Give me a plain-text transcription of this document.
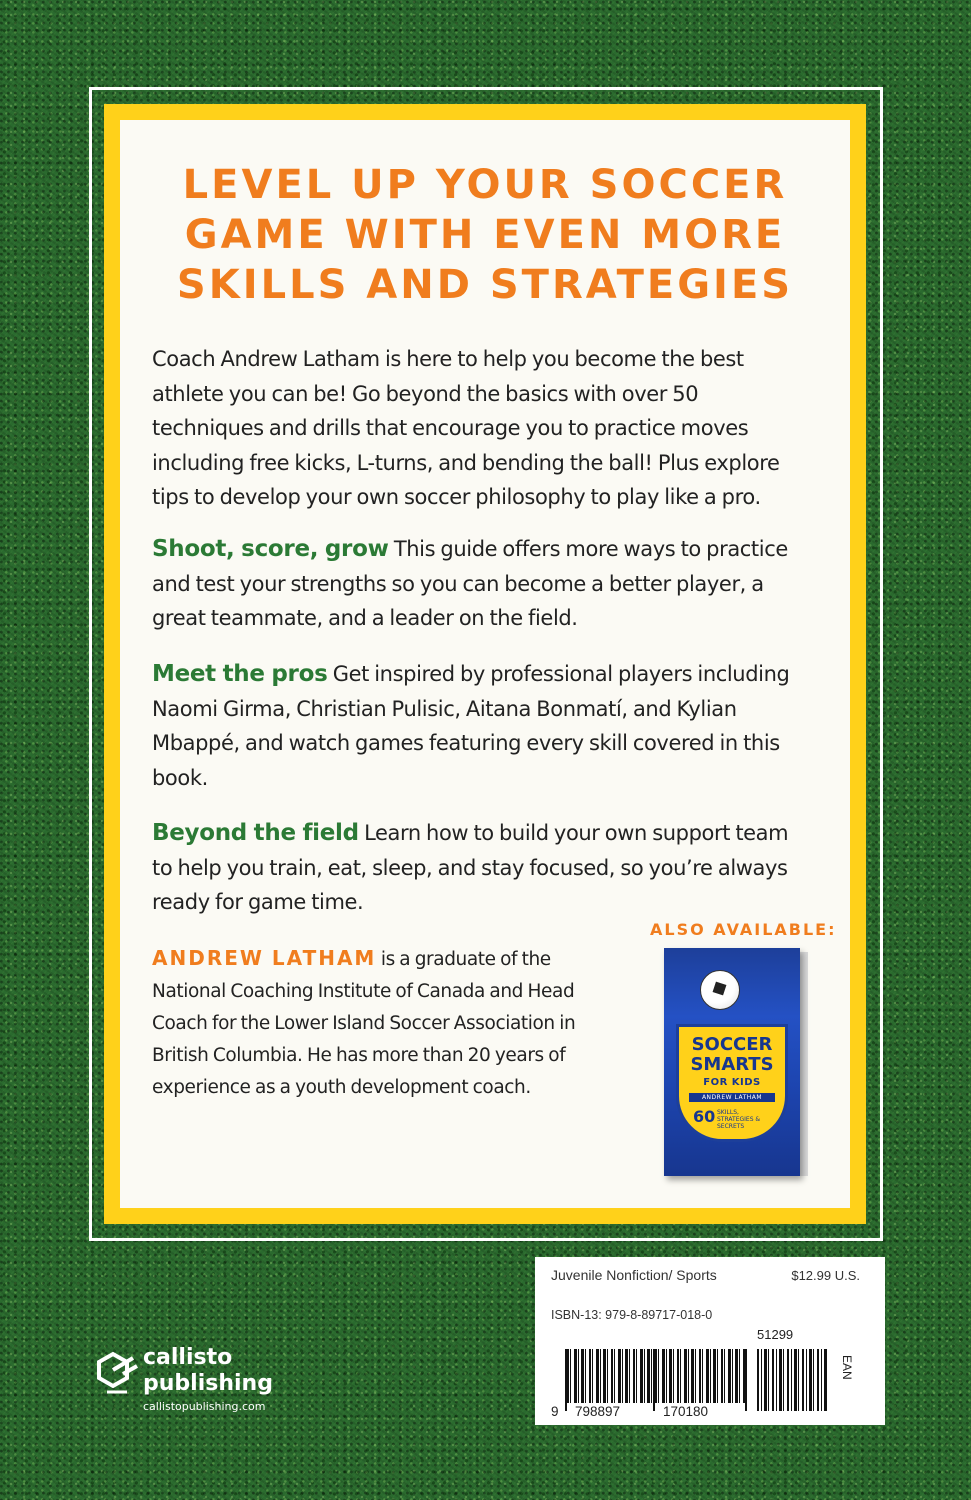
LEVEL UP YOUR SOCCER
GAME WITH EVEN MORE
SKILLS AND STRATEGIES
Coach Andrew Latham is here to help you become the best athlete you can be! Go beyond the basics with over 50 techniques and drills that encourage you to practice moves including free kicks, L-turns, and bending the ball! Plus explore tips to develop your own soccer philosophy to play like a pro.
Shoot, score, grow This guide offers more ways to practice and test your strengths so you can become a better player, a great teammate, and a leader on the field.
Meet the pros Get inspired by professional players including Naomi Girma, Christian Pulisic, Aitana Bonmatí, and Kylian Mbappé, and watch games featuring every skill covered in this book.
Beyond the field Learn how to build your own support team to help you train, eat, sleep, and stay focused, so you’re always ready for game time.
ANDREW LATHAM is a graduate of the National Coaching Institute of Canada and Head Coach for the Lower Island Soccer Association in British Columbia. He has more than 20 years of experience as a youth development coach.
ALSO AVAILABLE:
SOCCER
SMARTS
FOR KIDS
ANDREW LATHAM
60 SKILLS, STRATEGIES & SECRETS
Juvenile Nonfiction/ Sports	$12.99 U.S.
ISBN-13: 979-8-89717-018-0
51299
9 798897	170180
EAN
callisto
publishing
callistopublishing.com
